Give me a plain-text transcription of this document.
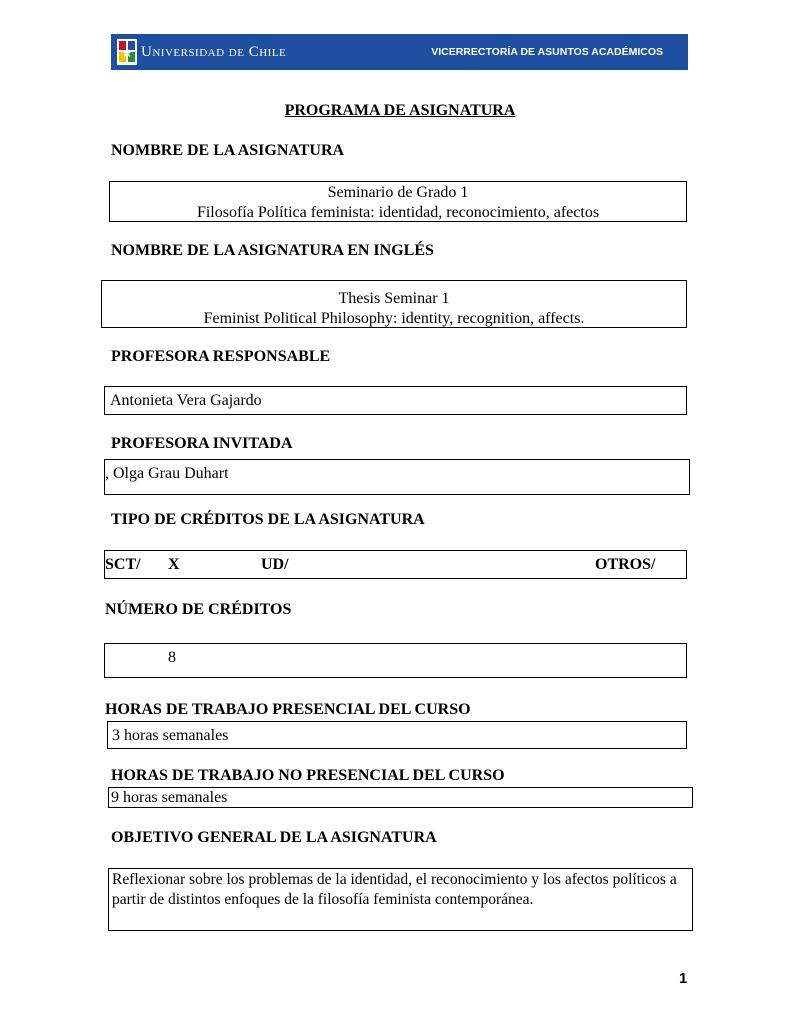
Universidad de Chile	VICERRECTORÍA DE ASUNTOS ACADÉMICOS
PROGRAMA DE ASIGNATURA
NOMBRE DE LA ASIGNATURA
Seminario de Grado 1
Filosofía Política feminista: identidad, reconocimiento, afectos
NOMBRE DE LA ASIGNATURA EN INGLÉS
Thesis Seminar 1
Feminist Political Philosophy: identity, recognition, affects.
PROFESORA RESPONSABLE
Antonieta Vera Gajardo
PROFESORA INVITADA
, Olga Grau Duhart
TIPO DE CRÉDITOS DE LA ASIGNATURA
SCT/ X	UD/	OTROS/
NÚMERO DE CRÉDITOS
8
HORAS DE TRABAJO PRESENCIAL DEL CURSO
3 horas semanales
HORAS DE TRABAJO NO PRESENCIAL DEL CURSO
9 horas semanales
OBJETIVO GENERAL DE LA ASIGNATURA
Reflexionar sobre los problemas de la identidad, el reconocimiento y los afectos políticos a
partir de distintos enfoques de la filosofía feminista contemporánea.
1
